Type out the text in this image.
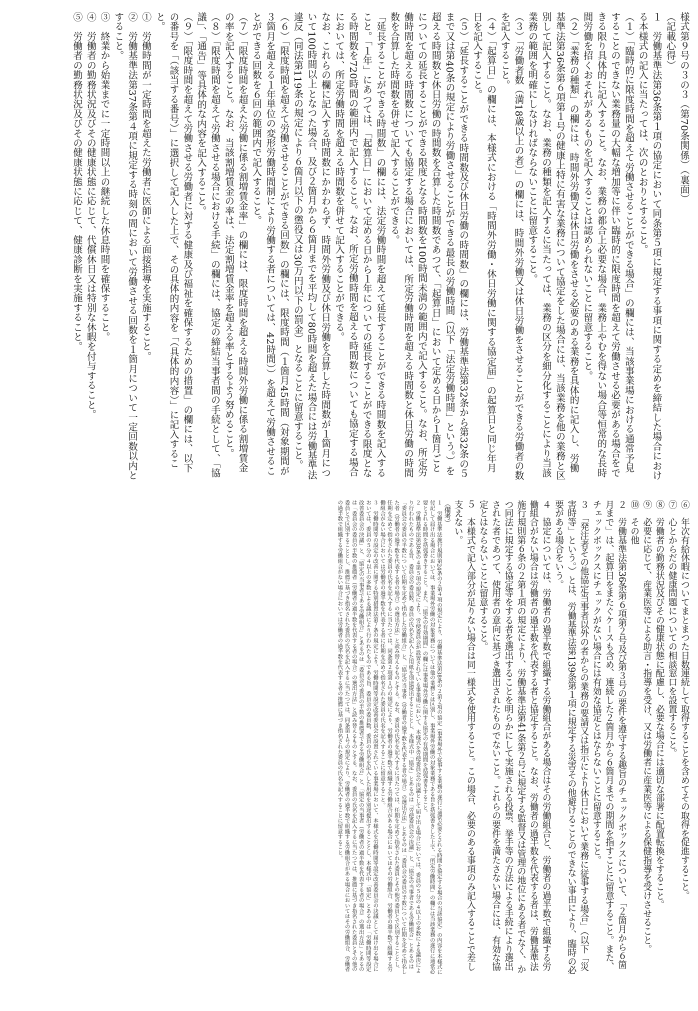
様式第９号の３の３（第70条関係）（裏面）

（記載心得）

１　労働基準法第36条第１項の協定において同条第５項に規定する事項に関する定めを締結した場合における本様式の記入に当たっては、次のとおりとすること。

（１）「臨時的に限度時間を超えて労働させることができる場合」の欄には、当該事業場における通常予見することのできない業務量の大幅な増加等に伴い臨時的に限度時間を超えて労働させる必要がある場合をできる限り具体的に記入すること。なお、業務の都合上必要な場合、業務上やむを得ない場合等恒常的な長時間労働を招くおそれがあるものを記入することは認められないことに留意すること。

（２）「業務の種類」の欄には、時間外労働又は休日労働をさせる必要のある業務を具体的に記入し、労働基準法第36条第６項第１号の健康上特に有害な業務について協定をした場合には、当該業務を他の業務と区別して記入すること。なお、業務の種類を記入するに当たっては、業務の区分を細分化することにより当該業務の範囲を明確にしなければならないことに留意すること。

（３）「労働者数（満18歳以上の者）」の欄には、時間外労働又は休日労働をさせることができる労働者の数を記入すること。

（４）「起算日」の欄には、本様式における「時間外労働・休日労働に関する協定届」の起算日と同じ年月日を記入すること。

（５）「延長することができる時間数及び休日労働の時間数」の欄には、労働基準法第32条から第32条の５まで又は第40条の規定により労働させることができる最長の労働時間（以下「法定労働時間」という。）を超える時間数と休日労働の時間数を合算した時間数であつて、「起算日」において定める日から１箇月ごとについての延長することができる限度となる時間数を100時間未満の範囲内で記入すること。なお、所定労働時間を超える時間数についても協定する場合においては、所定労働時間を超える時間数と休日労働の時間数を合算した時間数を併せて記入することができる。

「延長することができる時間数」の欄には、法定労働時間を超えて延長することができる時間数を記入すること。「１年」にあつては、「起算日」において定める日から１年についての延長することができる限度となる時間数を720時間の範囲内で記入すること。なお、所定労働時間を超える時間数についても協定する場合においては、所定労働時間を超える時間数を併せて記入することができる。

なお、これらの欄に記入する時間数にかかわらず、時間外労働及び休日労働を合算した時間数が１箇月について100時間以上となつた場合、及び２箇月から６箇月までを平均して80時間を超えた場合には労働基準法違反（同法第119条の規定により６箇月以下の懲役又は30万円以下の罰金）となることに留意すること。

（６）「限度時間を超えて労働させることができる回数」の欄には、限度時間（１箇月45時間（対象期間が３箇月を超える１年単位の変形労働時間制により労働する者については、42時間））を超えて労働させることができる回数を６回の範囲内で記入すること。

（７）「限度時間を超えた労働に係る割増賃金率」の欄には、限度時間を超える時間外労働に係る割増賃金の率を記入すること。なお、当該割増賃金の率は、法定割増賃金率を超える率とするよう努めること。

（８）「限度時間を超えて労働させる場合における手続」の欄には、協定の締結当事者間の手続として、「協議」、「通告」等具体的な内容を記入すること。

（９）「限度時間を超えて労働させる労働者に対する健康及び福祉を確保するための措置」の欄には、以下の番号を「（該当する番号）」に選択して記入した上で、その具体的内容を「（具体的内容）」に記入すること。

①　労働時間が一定時間を超えた労働者に医師による面接指導を実施すること。

②　労働基準法第37条第４項に規定する時刻の間において労働させる回数を１箇月について一定回数以内とすること。

③　終業から始業までに一定時間以上の継続した休息時間を確保すること。

④　労働者の勤務状況及びその健康状態に応じて、代償休日又は特別な休暇を付与すること。

⑤　労働者の勤務状況及びその健康状態に応じて、健康診断を実施すること。

⑥　年次有給休暇についてまとまつた日数連続して取得することを含めてその取得を促進すること。

⑦　心とからだの健康問題についての相談窓口を設置すること。

⑧　労働者の勤務状況及びその健康状態に配慮し、必要な場合には適切な部署に配置転換をすること。

⑨　必要に応じて、産業医等による助言・指導を受け、又は労働者に産業医等による保健指導を受けさせること。

⑩　その他

２　労働基準法第36条第６項第２号及び第３号の要件を遵守する趣旨のチェックボックスについて、「２箇月から６箇月まで」は、起算日をまたぐケースも含め、連続した２箇月から６箇月までの期間を指すことに留意すること。また、チェックボックスにチェックがない場合には有効な協定とはならないことに留意すること。

３　「発注者その他協定当事者以外の者からの業務の要請又は指示により休日において業務に従事する場合」（以下「災害時等」という。）とは、労働基準法第139条第１項に規定する災害その他避けることのできない事由により、臨時の必要がある場合をいう。

４　協定については、労働者の過半数で組織する労働組合がある場合はその労働組合と、労働者の過半数で組織する労働組合がない場合は労働者の過半数を代表する者と協定すること。なお、労働者の過半数を代表する者は、労働基準法施行規則第６条の２第１項の規定により、労働基準法第41条第２号に規定する監督又は管理の地位にある者でなく、かつ同法に規定する協定等をする者を選出することを明らかにして実施される投票、挙手等の方法による手続により選出された者であつて、使用者の意向に基づき選出されたものでないこと。これらの要件を満たさない場合には、有効な協定とはならないことに留意すること。

５　本様式で記入部分が足りない場合は同一様式を使用すること。この場合、必要のある事項のみ記入することで差し支えない。

（備考）

１　労働基準法施行規則第24条の２第４項の規定により、労働基準法第38条の２第２項の協定（事業場外で従事する業務の遂行に通常必要とされる時間を協定する場合の当該協定）の内容を本様式に付記して届け出る場合においては、事業場外労働の対象業務については他の業務とは区別し、事業場外労働の対象業務である旨を括弧書きした上で、「所定労働時間」の欄には当該業務の遂行に通常必要とされる時間を括弧書きすること。また、「協定の有効期間」の欄には事業場外労働に関する協定の有効期間を括弧書きすること。

２　労働基準法第38条の４第５項の規定により、労使委員会が設置されている事業場において、本様式を労使委員会の決議として届け出る場合においては、委員の５分の４以上の多数による議決により行われたものである旨、委員会の委員数、委員の氏名を記入した用紙を別途提出することとし、本様式中「協定」とあるのは「労使委員会の決議」と、「協定の当事者である労働組合」とあるのは「委員会の委員の半数について任期を定めて指名した労働組合」と、「協定の当事者（労働者の過半数を代表する者の場合）の選出方法」とあるのは「委員会の委員の半数について任期を定めて指名した者（労働者の過半数を代表する者の場合）の選出方法」と読み替えるものとする。なお、委員の氏名を記入するに当たつては、任期を定めて指名された委員とその他の委員とで区別することとし、任期を定めて指名された委員の氏名を記入するに当たつては、同条第２項第１号の規定により、労働者の過半数で組織する労働組合がある場合においてはその労働組合、労働者の過半数で組織する労働組合がない場合においては労働者の過半数を代表する者に任期を定めて指名された委員の氏名を記入することに留意すること。

３　労働時間等の設定の改善に関する特別措置法第７条の規定により、労働時間等設定改善委員会が設置されている事業場において、本様式を労働時間等設定改善委員会の決議として届け出る場合においては、委員の５分の４以上の多数による議決により行われたものである旨、委員会の委員数、委員の氏名を記入した用紙を別途提出することとし、本様式中「協定」とあるのは「労働時間等設定改善委員会の決議」と、「協定の当事者である労働組合」とあるのは「委員会の委員の半数の推薦者である労働組合」と、「協定の当事者（労働者の過半数を代表する者の場合）の選出方法」とあるのは「委員会の委員の半数の推薦者（労働者の過半数を代表する者の場合）の選出方法」と読み替えるものとする。なお、委員の氏名を記入するに当たつては、推薦に基づき指名された委員とその他の委員とで区別することとし、推薦に基づき指名された委員の氏名を記入するに当たつては、同条第１号の規定により、労働者の過半数で組織する労働組合がある場合においてはその労働組合、労働者の過半数で組織する労働組合がない場合においては労働者の過半数を代表する者の推薦に基づき指名された委員の氏名を記入することに留意すること。
